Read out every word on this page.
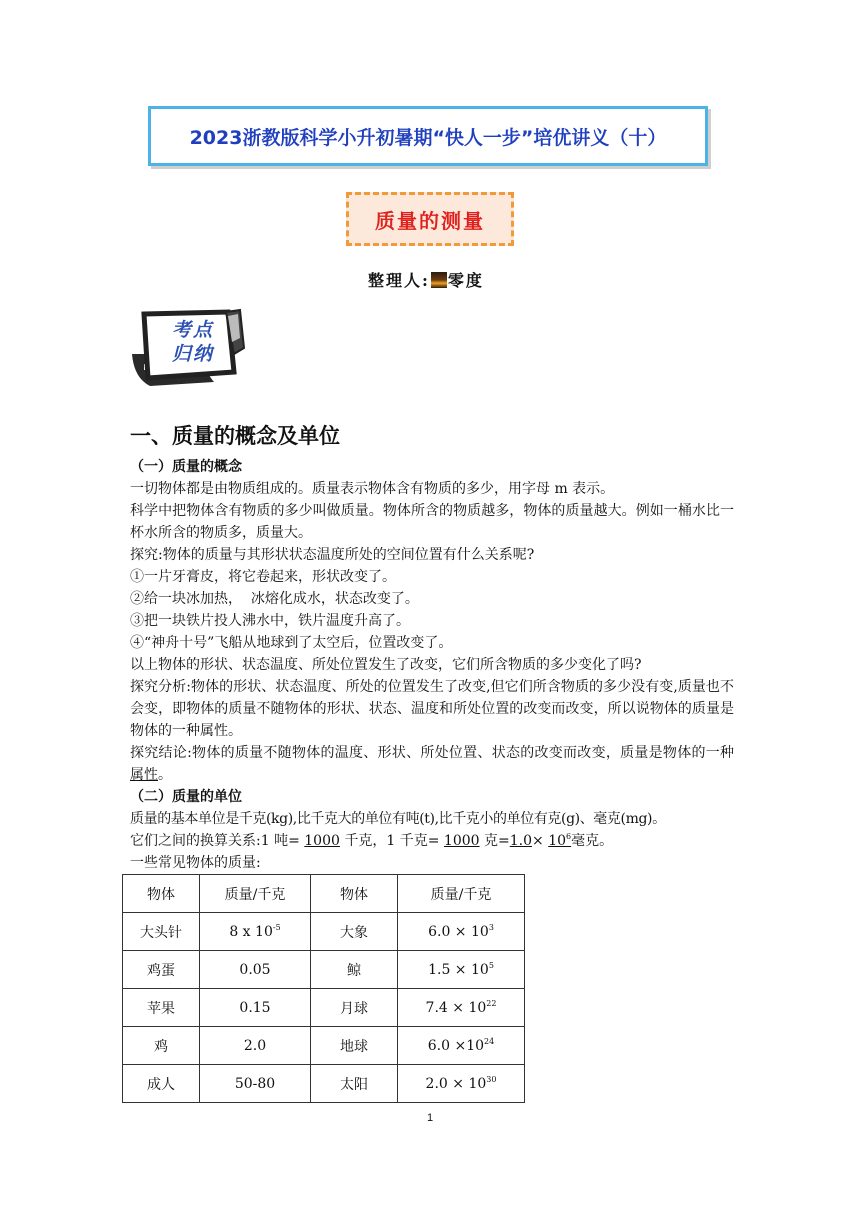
2023浙教版科学小升初暑期“快人一步”培优讲义（十）
质量的测量
整理人: 零度
考点
归纳
一、质量的概念及单位

（一）质量的概念

一切物体都是由物质组成的。质量表示物体含有物质的多少，用字母 m 表示。

科学中把物体含有物质的多少叫做质量。物体所含的物质越多，物体的质量越大。例如一桶水比一杯水所含的物质多，质量大。

探究:物体的质量与其形状状态温度所处的空间位置有什么关系呢?

①一片牙膏皮，将它卷起来，形状改变了。

②给一块冰加热，  冰熔化成水，状态改变了。

③把一块铁片投人沸水中，铁片温度升高了。

④“神舟十号”飞船从地球到了太空后，位置改变了。

以上物体的形状、状态温度、所处位置发生了改变，它们所含物质的多少变化了吗?

探究分析:物体的形状、状态温度、所处的位置发生了改变,但它们所含物质的多少没有变,质量也不会变，即物体的质量不随物体的形状、状态、温度和所处位置的改变而改变，所以说物体的质量是物体的一种属性。

探究结论:物体的质量不随物体的温度、形状、所处位置、状态的改变而改变，质量是物体的一种属性。

（二）质量的单位

质量的基本单位是千克(kg),比千克大的单位有吨(t),比千克小的单位有克(g)、毫克(mg)。

它们之间的换算关系:1 吨= 1000 千克，1 千克= 1000 克$=1.0\times 10^6$毫克。

一些常见物体的质量:

物体	质量/千克	物体	质量/千克
大头针	8 x $10^{-5}$	大象	$6.0 \times 10^3$
鸡蛋	0.05	鲸	$1.5 \times 10^5$
苹果	0.15	月球	$7.4 \times 10^{22}$
鸡	2.0	地球	$6.0 \times 10^{24}$
成人	50-80	太阳	$2.0 \times 10^{30}$
1
